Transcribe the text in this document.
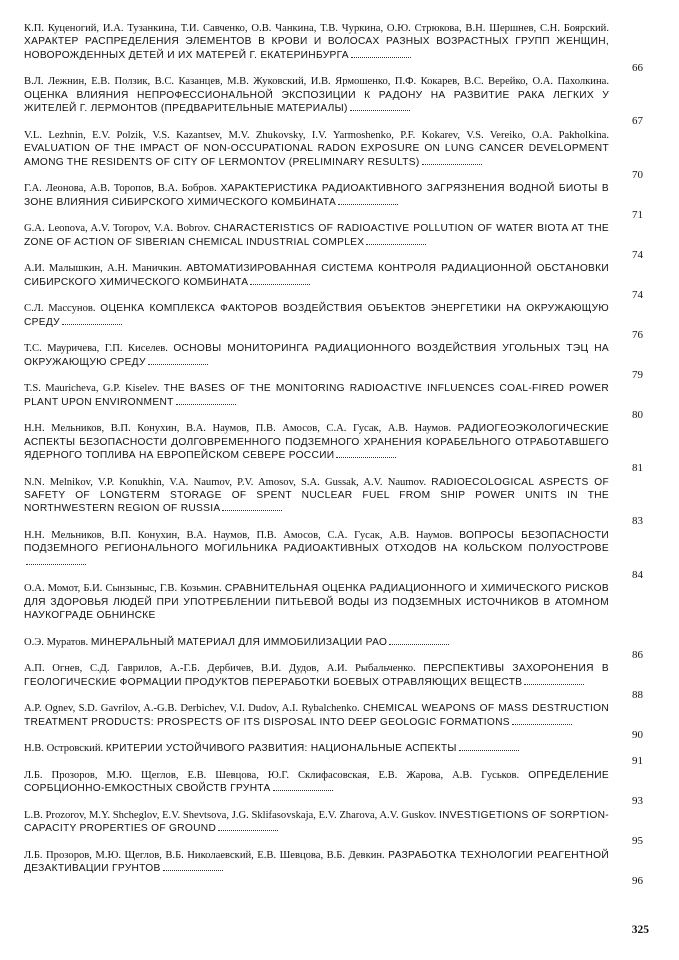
К.П. Куценогий, И.А. Тузанкина, Т.И. Савченко, О.В. Чанкина, Т.В. Чуркина, О.Ю. Стрюкова, В.Н. Шершнев, С.Н. Боярский. ХАРАКТЕР РАСПРЕДЕЛЕНИЯ ЭЛЕМЕНТОВ В КРОВИ И ВОЛОСАХ РАЗНЫХ ВОЗРАСТНЫХ ГРУПП ЖЕНЩИН, НОВОРОЖДЕННЫХ ДЕТЕЙ И ИХ МАТЕРЕЙ Г. ЕКАТЕРИНБУРГА
66
В.Л. Лежнин, Е.В. Ползик, В.С. Казанцев, М.В. Жуковский, И.В. Ярмошенко, П.Ф. Кокарев, В.С. Верейко, О.А. Пахолкина. ОЦЕНКА ВЛИЯНИЯ НЕПРОФЕССИОНАЛЬНОЙ ЭКСПОЗИЦИИ К РАДОНУ НА РАЗВИТИЕ РАКА ЛЕГКИХ У ЖИТЕЛЕЙ Г. ЛЕРМОНТОВ (ПРЕДВАРИТЕЛЬНЫЕ МАТЕРИАЛЫ)
67
V.L. Lezhnin, E.V. Polzik, V.S. Kazantsev, M.V. Zhukovsky, I.V. Yarmoshenko, P.F. Kokarev, V.S. Vereiko, O.A. Pakholkina. EVALUATION OF THE IMPACT OF NON-OCCUPATIONAL RADON EXPOSURE ON LUNG CANCER DEVELOPMENT AMONG THE RESIDENTS OF CITY OF LERMONTOV (PRELIMINARY RESULTS)
70
Г.А. Леонова, А.В. Торопов, В.А. Бобров. ХАРАКТЕРИСТИКА РАДИОАКТИВНОГО ЗАГРЯЗНЕНИЯ ВОДНОЙ БИОТЫ В ЗОНЕ ВЛИЯНИЯ СИБИРСКОГО ХИМИЧЕСКОГО КОМБИНАТА
71
G.A. Leonova, A.V. Toropov, V.A. Bobrov. CHARACTERISTICS OF RADIOACTIVE POLLUTION OF WATER BIOTA AT THE ZONE OF ACTION OF SIBERIAN CHEMICAL INDUSTRIAL COMPLEX
74
А.И. Малышкин, А.Н. Маничкин. АВТОМАТИЗИРОВАННАЯ СИСТЕМА КОНТРОЛЯ РАДИАЦИОННОЙ ОБСТАНОВКИ СИБИРСКОГО ХИМИЧЕСКОГО КОМБИНАТА
74
С.Л. Массунов. ОЦЕНКА КОМПЛЕКСА ФАКТОРОВ ВОЗДЕЙСТВИЯ ОБЪЕКТОВ ЭНЕРГЕТИКИ НА ОКРУЖАЮЩУЮ СРЕДУ
76
Т.С. Мауричева, Г.П. Киселев. ОСНОВЫ МОНИТОРИНГА РАДИАЦИОННОГО ВОЗДЕЙСТВИЯ УГОЛЬНЫХ ТЭЦ НА ОКРУЖАЮЩУЮ СРЕДУ
79
T.S. Mauricheva, G.P. Kiselev. THE BASES OF THE MONITORING RADIOACTIVE INFLUENCES COAL-FIRED POWER PLANT UPON ENVIRONMENT
80
Н.Н. Мельников, В.П. Конухин, В.А. Наумов, П.В. Амосов, С.А. Гусак, А.В. Наумов. РАДИОГЕОЭКОЛОГИЧЕСКИЕ АСПЕКТЫ БЕЗОПАСНОСТИ ДОЛГОВРЕМЕННОГО ПОДЗЕМНОГО ХРАНЕНИЯ КОРАБЕЛЬНОГО ОТРАБОТАВШЕГО ЯДЕРНОГО ТОПЛИВА НА ЕВРОПЕЙСКОМ СЕВЕРЕ РОССИИ
81
N.N. Melnikov, V.P. Konukhin, V.A. Naumov, P.V. Amosov, S.A. Gussak, A.V. Naumov. RADIOECOLOGICAL ASPECTS OF SAFETY OF LONGTERM STORAGE OF SPENT NUCLEAR FUEL FROM SHIP POWER UNITS IN THE NORTHWESTERN REGION OF RUSSIA
83
Н.Н. Мельников, В.П. Конухин, В.А. Наумов, П.В. Амосов, С.А. Гусак, А.В. Наумов. ВОПРОСЫ БЕЗОПАСНОСТИ ПОДЗЕМНОГО РЕГИОНАЛЬНОГО МОГИЛЬНИКА РАДИОАКТИВНЫХ ОТХОДОВ НА КОЛЬСКОМ ПОЛУОСТРОВЕ
84
О.А. Момот, Б.И. Сынзыныс, Г.В. Козьмин. СРАВНИТЕЛЬНАЯ ОЦЕНКА РАДИАЦИОННОГО И ХИМИЧЕСКОГО РИСКОВ ДЛЯ ЗДОРОВЬЯ ЛЮДЕЙ ПРИ УПОТРЕБЛЕНИИ ПИТЬЕВОЙ ВОДЫ ИЗ ПОДЗЕМНЫХ ИСТОЧНИКОВ В АТОМНОМ НАУКОГРАДЕ ОБНИНСКЕ
О.Э. Муратов. МИНЕРАЛЬНЫЙ МАТЕРИАЛ ДЛЯ ИММОБИЛИЗАЦИИ РАО
86
А.П. Огнев, С.Д. Гаврилов, А.-Г.Б. Дербичев, В.И. Дудов, А.И. Рыбальченко. ПЕРСПЕКТИВЫ ЗАХОРОНЕНИЯ В ГЕОЛОГИЧЕСКИЕ ФОРМАЦИИ ПРОДУКТОВ ПЕРЕРАБОТКИ БОЕВЫХ ОТРАВЛЯЮЩИХ ВЕЩЕСТВ
88
A.P. Ognev, S.D. Gavrilov, A.-G.B. Derbichev, V.I. Dudov, A.I. Rybalchenko. CHEMICAL WEAPONS OF MASS DESTRUCTION TREATMENT PRODUCTS: PROSPECTS OF ITS DISPOSAL INTO DEEP GEOLOGIC FORMATIONS
90
Н.В. Островский. КРИТЕРИИ УСТОЙЧИВОГО РАЗВИТИЯ: НАЦИОНАЛЬНЫЕ АСПЕКТЫ
91
Л.Б. Прозоров, М.Ю. Щеглов, Е.В. Шевцова, Ю.Г. Склифасовская, Е.В. Жарова, А.В. Гуськов. ОПРЕДЕЛЕНИЕ СОРБЦИОННО-ЕМКОСТНЫХ СВОЙСТВ ГРУНТА
93
L.B. Prozorov, M.Y. Shcheglov, E.V. Shevtsova, J.G. Sklifasovskaja, E.V. Zharova, A.V. Guskov. INVESTIGETIONS OF SORPTION-CAPACITY PROPERTIES OF GROUND
95
Л.Б. Прозоров, М.Ю. Щеглов, В.Б. Николаевский, Е.В. Шевцова, В.Б. Девкин. РАЗРАБОТКА ТЕХНОЛОГИИ РЕАГЕНТНОЙ ДЕЗАКТИВАЦИИ ГРУНТОВ
96
325
